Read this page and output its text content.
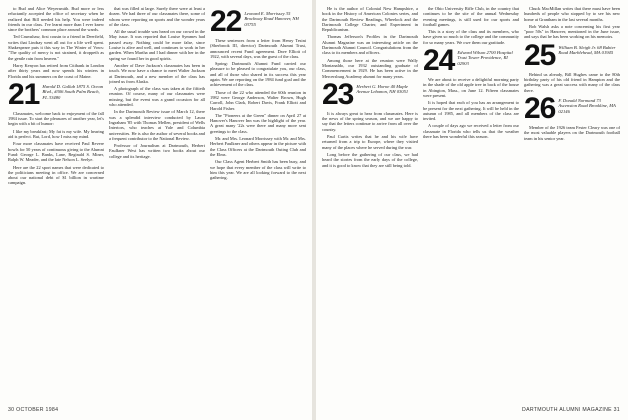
to Bud and Alice Weyersmith. Bud more or less reluctantly accepted the office of secretary when he realized that Bill needed his help. You were indeed friends in our class. I've learnt more than I ever knew since the brothers' common place around the wards.

Ted Crumshaw, first cousin to a friend in Deerfield, writes that Lindsay went all out for a life well spent. Shakespeare puts it this way in The Winter of Vows: "The quality of mercy is not strained, it droppeth as the gentle rain from heaven."

Harry Kenyon has retired from Citibank in London after thirty years and now spends his winters in Florida and his summers on the coast of Maine.

21 Harold D. Gallub 1875 S. Ocean Blvd., #306 South Palm Beach, FL 33480

Classmates, welcome back to enjoyment of the fall 1984 issue. To start the pleasures of another year, let's begin with a bit of humor:

I like my breakfast; My fat is my wife. My hearing aid is perfect. But, Lord, how I miss my mind.

Four more classmates have received Paul Revere bowls for 50 years of continuous giving to the Alumni Fund: George L. Banks, Lane, Reginald S. Miner, Ralph W. Meader, and the late Nelson L. Seelye.

Here are the 22 sport names that were dedicated to the politicians meeting in office. We are concerned about our national debt of $1 billion in wartime campaign.

that was filled at large. Surely there were at least a dozen. We had three of our classmates there, some of whom were reporting on sports and the wonder years of the class.

All the usual trouble was heard on our crowd in the May issue. It was reported that Louise Symmes had passed away. Nothing could be more false, since Louise is alive and well, and continues to work in her garden. When Martha and I had dinner with her in the spring we found her in good spirits.

Another of Dave Jackson's classmates has been in touch. We now have a chance to meet Walter Jackson at Dartmouth, and a new member of the class has joined us from Alaska.

A photograph of the class was taken at the fiftieth reunion. Of course, many of our classmates were missing, but the event was a grand occasion for all who attended.

In the Dartmouth Review issue of March 12, there was a splendid interview conducted by Laura Ingraham '85 with Thomas Mellen, president of Wells Interiors, who teaches at Yale and Columbia universities. He is also the author of several books and a frequent contributor to the National Review.

Professor of Journalism at Dartmouth, Herbert Faulkner West has written two books about our college and its heritage.

22 Leonard E. Morrissey 35 Brockway Road Hanover, NH 03755

These sentences from a letter from Henry Tesini (Sherbrook III, director) Dartmouth Alumni Trust, announced recent Fund agreement. Dave Elliott of 1922, with several days, was the guest of the class.

Spring: Dartmouth Alumni Fund carried our pleasure to be pleased to congratulate you, our class, and all of those who shared in its success this year again. We are reporting on the 1984 fund goal and the achievement of the class.

Those of the 22 who attended the 60th reunion in 1982 were George Anderson, Walter Brown, Hugh Carroll, John Clark, Robert Davis, Frank Elliott and Harold Fisher.

The "Pioneers at the Green" dinner on April 27 at Hanover's Hanover Inn was the highlight of the year. A great many '22s were there and many more sent greetings to the class.

Mr. and Mrs. Leonard Morrissey with Mr. and Mrs. Herbert Faulkner and others appear in the picture with the Class Officers at the Dartmouth Outing Club and the Elms.

Our Class Agent Herbert Smith has been busy, and we hope that every member of the class will write to him this year. We are all looking forward to the next gathering.

30 OCTOBER 1984

He is the author of Colonial New Hampshire, a book in the History of American Colonies series, and the Dartmouth Review Readings, Wheelock and the Dartmouth College Charter, and Experiment in Republicanism.

Thomas Jefferson's Profiles in the Dartmouth Alumni Magazine was an interesting article on the Dartmouth Alumni Council. Congratulations from the class to its members and officers.

Among those here at the reunion were Wally Montanaldo, our 1932 outstanding graduate of Commencement in 1929. He has been active in the Mercersburg Academy alumni for many years.

23 Herbert G. Horne 40 Maple Avenue Lebanon, NH 03051

It is always great to hear from classmates. Here is the news of the spring season, and we are happy to say that the letters continue to arrive from all over the country.

Paul Curtis writes that he and his wife have returned from a trip to Europe, where they visited many of the places where he served during the war.

Long before the gathering of our class, we had heard the stories from the early days of the college, and it is good to know that they are still being told.

the Ohio University Rifle Club, in the country that continues to be the site of the annual Wednesday evening meetings, is still used for our sports and football games.

This is a story of the class and its members, who have given so much to the college and the community for so many years. We owe them our gratitude.

24 Edward Wilson 2700 Hospital Trust Tower Providence, RI 02903

We are about to receive a delightful morning party in the shade of the old apple tree in back of the house in Abington, Mass., on June 12. Fifteen classmates were present.

It is hoped that each of you has an arrangement to be present for the next gathering. It will be held in the autumn of 1985, and all members of the class are invited.

A couple of days ago we received a letter from our classmate in Florida who tells us that the weather there has been wonderful this season.

Chuck MacMillan writes that there must have been hundreds of people who stopped by to see his new home at Grantham in the last several months.

Bob Walsh asks a note concerning his first year "poor 50s" in Hanover, mentioned in the June issue, and says that he has been working on his memoirs.

25 William B. Sleigh Jr. 68 Bubier Road Marblehead, MA 01945

Behind us already, Bill Hughes came to the 80th birthday party of his old friend in Hampton and the gathering was a great success with many of the class there.

26 F. Donald Normand 73 Ascension Road Brookline, MA 02146

Member of the 1926 team Fester Cleary was one of the most valuable players on the Dartmouth football team in his senior year.

DARTMOUTH ALUMNI MAGAZINE 31
